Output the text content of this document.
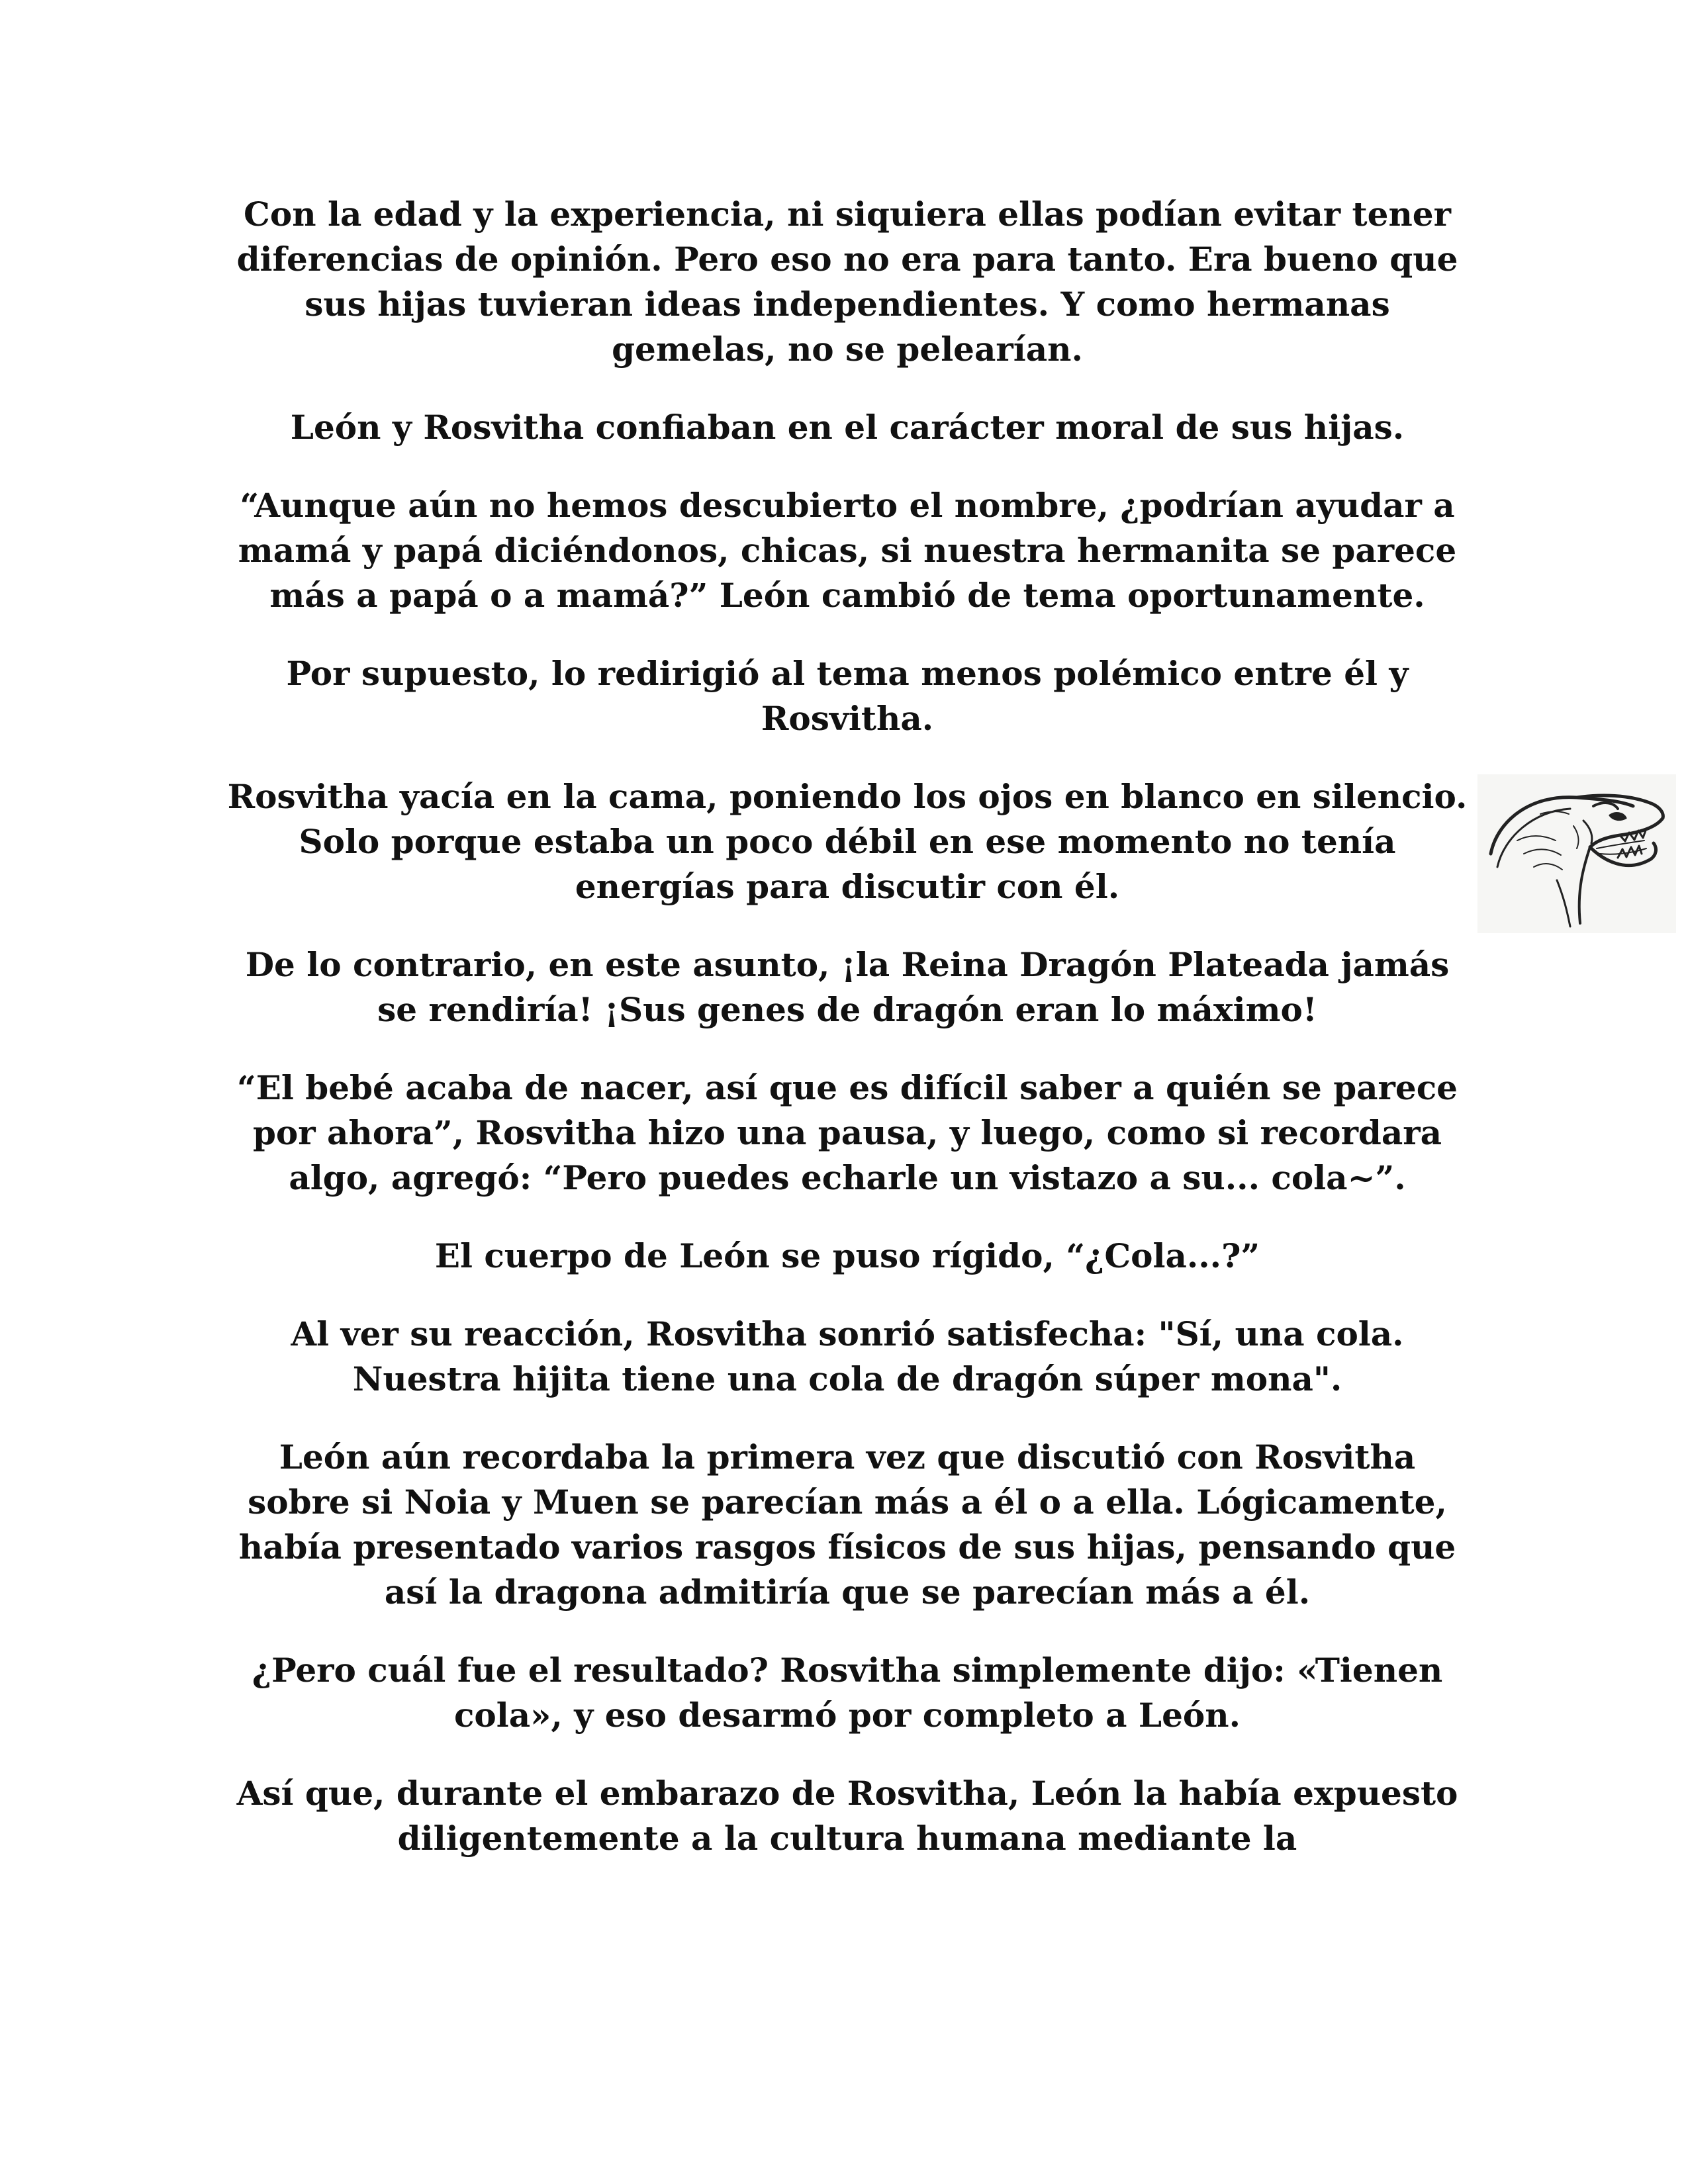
Con la edad y la experiencia, ni siquiera ellas podían evitar tener diferencias de opinión. Pero eso no era para tanto. Era bueno que sus hijas tuvieran ideas independientes. Y como hermanas gemelas, no se pelearían.

León y Rosvitha confiaban en el carácter moral de sus hijas.

“Aunque aún no hemos descubierto el nombre, ¿podrían ayudar a mamá y papá diciéndonos, chicas, si nuestra hermanita se parece más a papá o a mamá?” León cambió de tema oportunamente.

Por supuesto, lo redirigió al tema menos polémico entre él y Rosvitha.

Rosvitha yacía en la cama, poniendo los ojos en blanco en silencio. Solo porque estaba un poco débil en ese momento no tenía energías para discutir con él.

De lo contrario, en este asunto, ¡la Reina Dragón Plateada jamás se rendiría! ¡Sus genes de dragón eran lo máximo!

“El bebé acaba de nacer, así que es difícil saber a quién se parece por ahora”, Rosvitha hizo una pausa, y luego, como si recordara algo, agregó: “Pero puedes echarle un vistazo a su... cola~”.

El cuerpo de León se puso rígido, “¿Cola...?”

Al ver su reacción, Rosvitha sonrió satisfecha: "Sí, una cola. Nuestra hijita tiene una cola de dragón súper mona".

León aún recordaba la primera vez que discutió con Rosvitha sobre si Noia y Muen se parecían más a él o a ella. Lógicamente, había presentado varios rasgos físicos de sus hijas, pensando que así la dragona admitiría que se parecían más a él.

¿Pero cuál fue el resultado? Rosvitha simplemente dijo: «Tienen cola», y eso desarmó por completo a León.

Así que, durante el embarazo de Rosvitha, León la había expuesto diligentemente a la cultura humana mediante la
